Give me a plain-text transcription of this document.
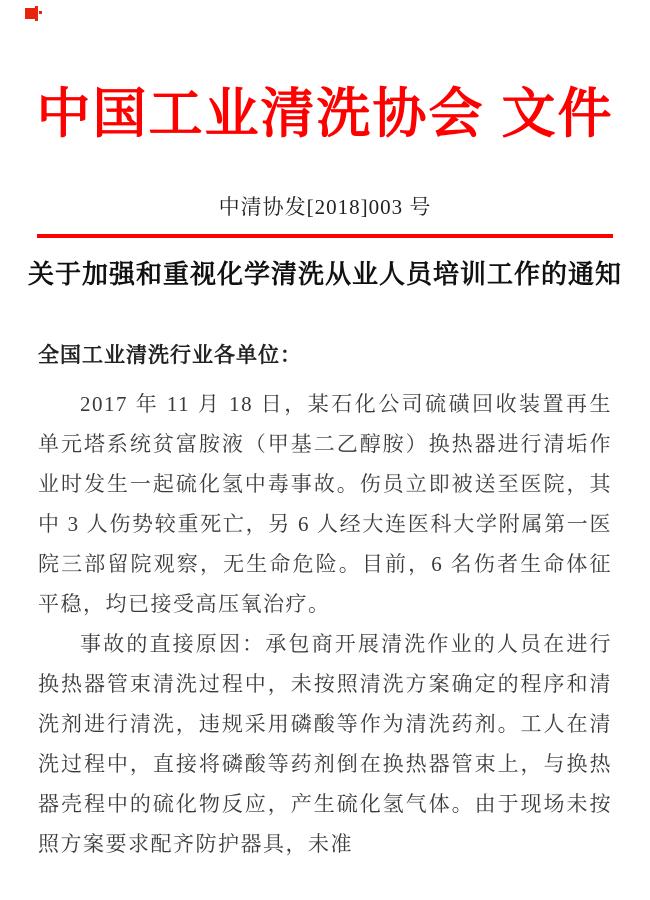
中国工业清洗协会 文件
中清协发[2018]003 号
关于加强和重视化学清洗从业人员培训工作的通知
全国工业清洗行业各单位：

2017 年 11 月 18 日，某石化公司硫磺回收装置再生单元塔系统贫富胺液（甲基二乙醇胺）换热器进行清垢作业时发生一起硫化氢中毒事故。伤员立即被送至医院，其中 3 人伤势较重死亡，另 6 人经大连医科大学附属第一医院三部留院观察，无生命危险。目前，6 名伤者生命体征平稳，均已接受高压氧治疗。

事故的直接原因：承包商开展清洗作业的人员在进行换热器管束清洗过程中，未按照清洗方案确定的程序和清洗剂进行清洗，违规采用磷酸等作为清洗药剂。工人在清洗过程中，直接将磷酸等药剂倒在换热器管束上，与换热器壳程中的硫化物反应，产生硫化氢气体。由于现场未按照方案要求配齐防护器具，未准
